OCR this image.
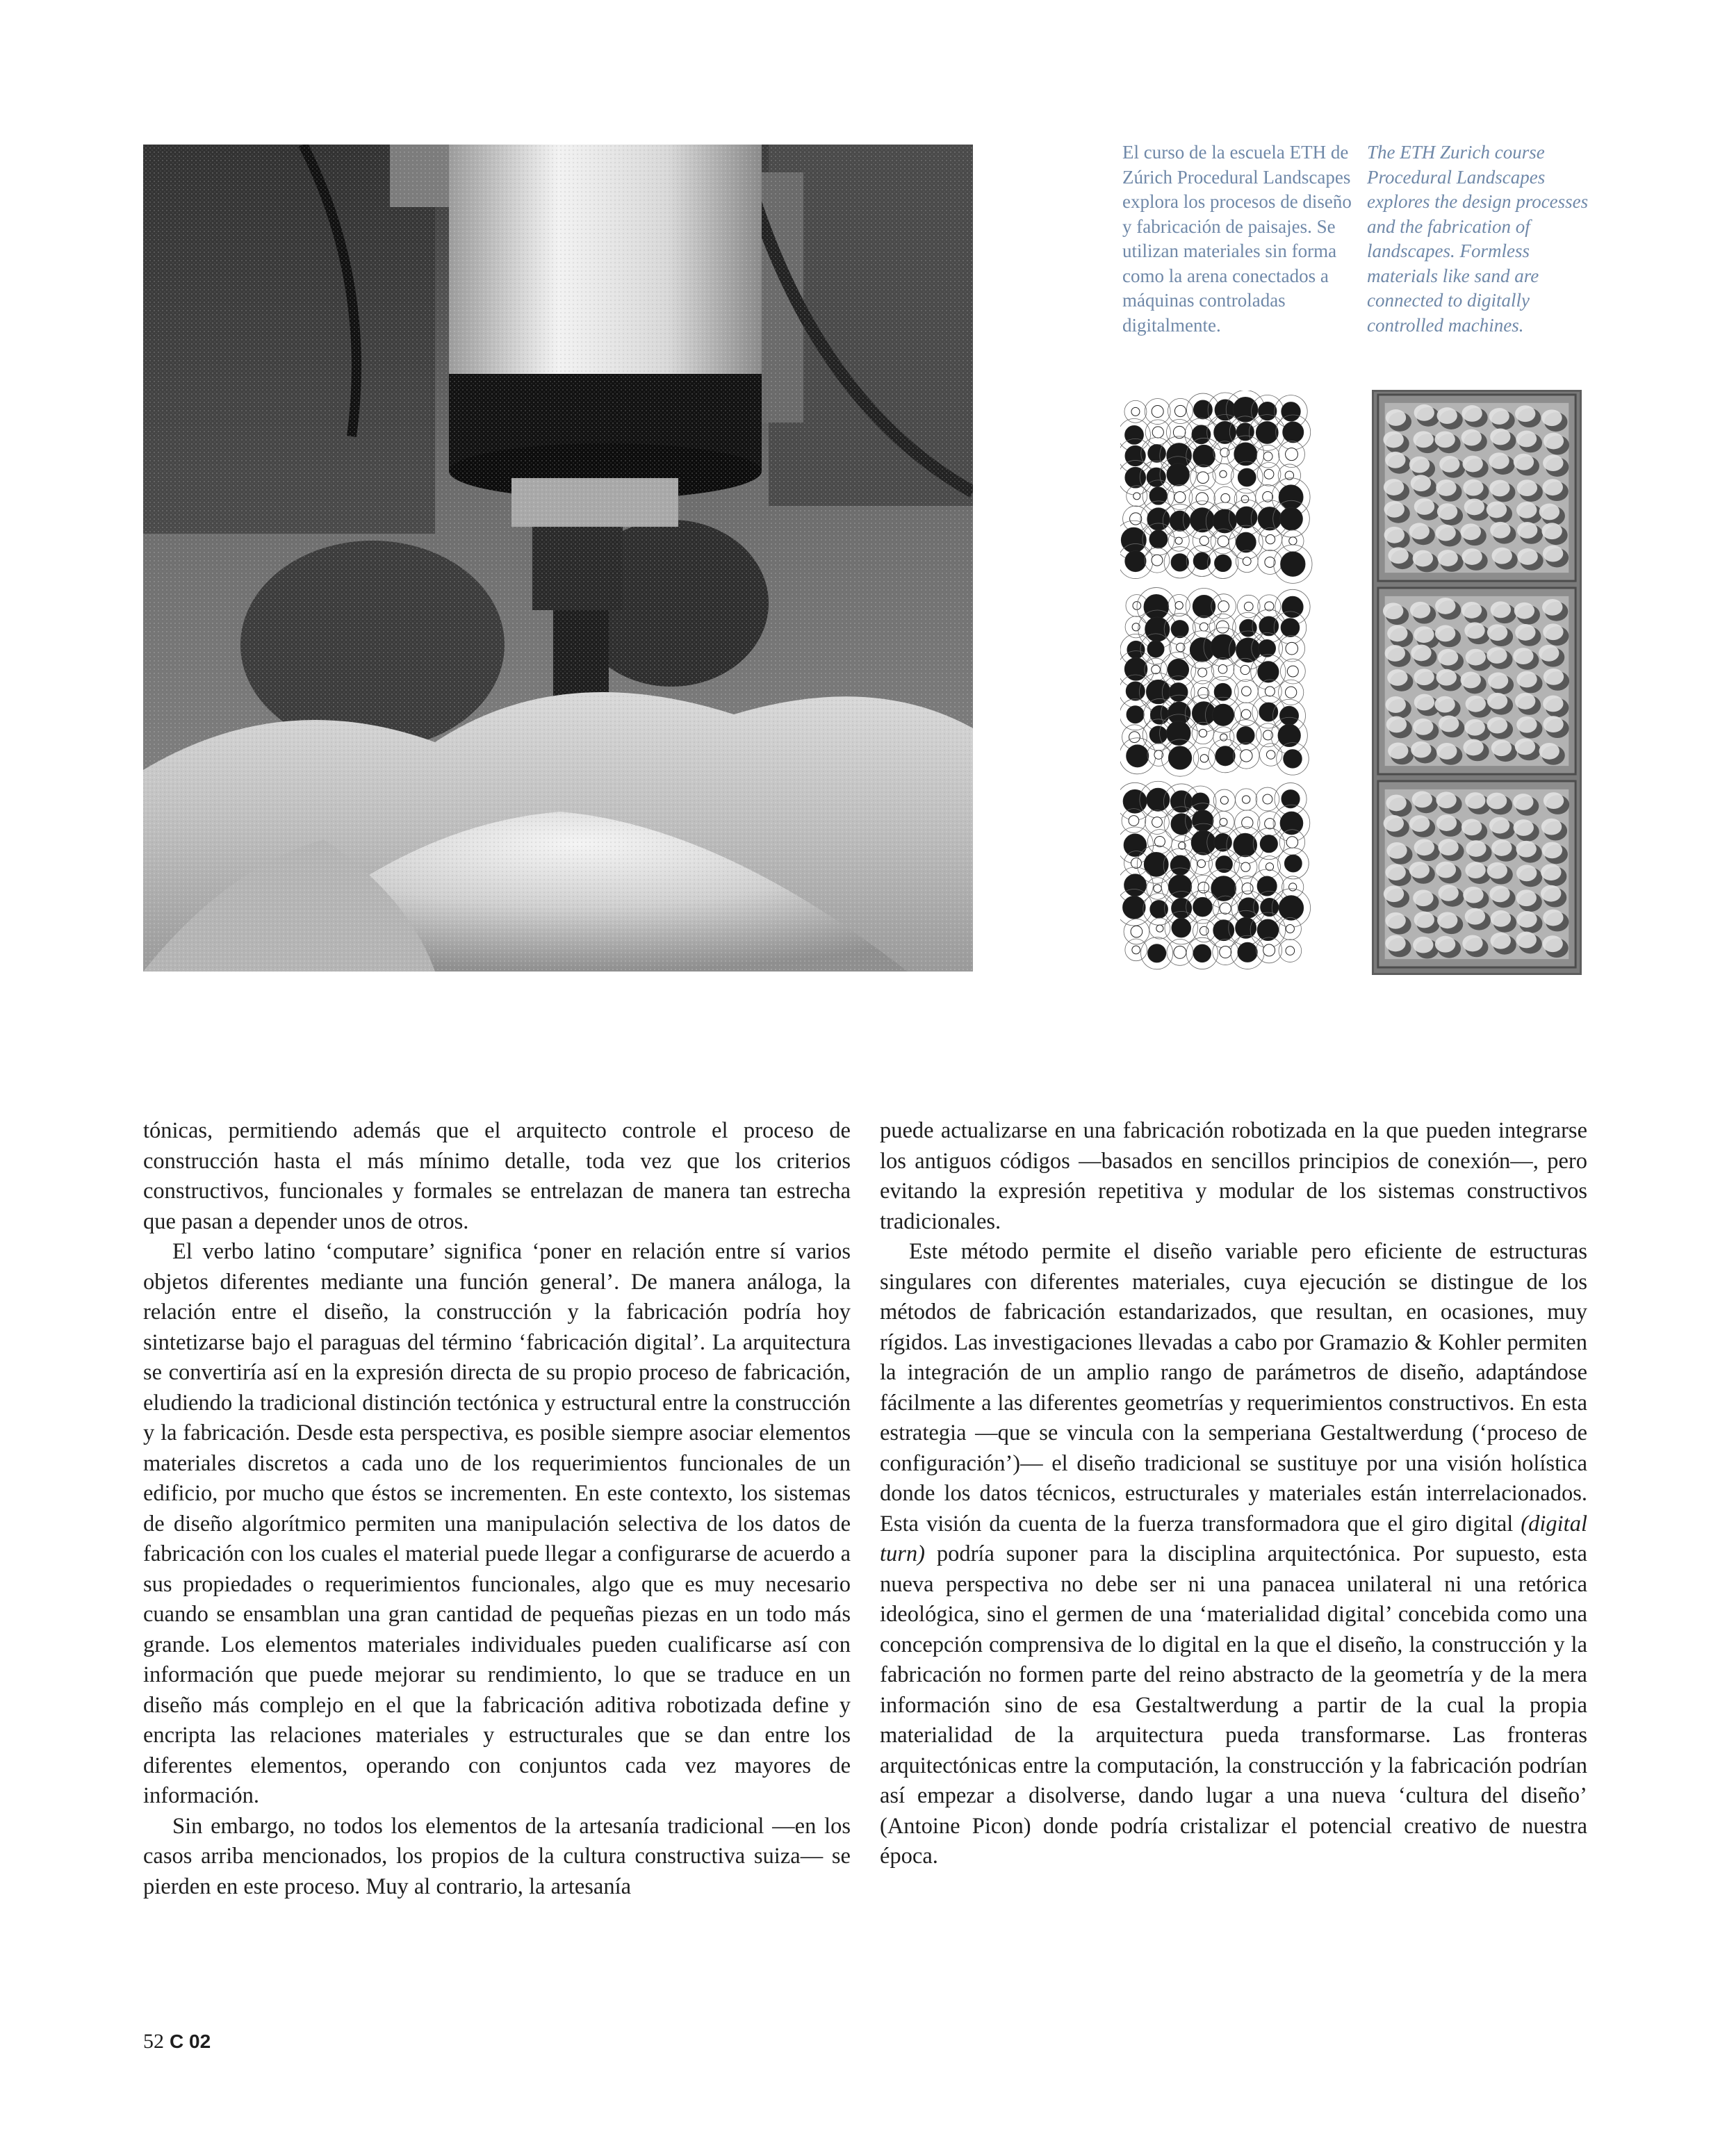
El curso de la escuela ETH de Zúrich Procedural Landscapes explora los procesos de diseño y fabricación de paisajes. Se utilizan materiales sin forma como la arena conectados a máquinas controladas digitalmente.

The ETH Zurich course Procedural Landscapes explores the design processes and the fabrication of landscapes. Formless materials like sand are connected to digitally controlled machines.

tónicas, permitiendo además que el arquitecto controle el proceso de construcción hasta el más mínimo detalle, toda vez que los criterios constructivos, funcionales y formales se entrelazan de manera tan estrecha que pasan a depender unos de otros.

El verbo latino ‘computare’ significa ‘poner en relación entre sí varios objetos diferentes mediante una función general’. De manera análoga, la relación entre el diseño, la construcción y la fabricación podría hoy sintetizarse bajo el paraguas del término ‘fabricación digital’. La arquitectura se convertiría así en la expresión directa de su propio proceso de fabricación, eludiendo la tradicional distinción tectónica y estructural entre la construcción y la fabricación. Desde esta perspectiva, es posible siempre asociar elementos materiales discretos a cada uno de los requerimientos funcionales de un edificio, por mucho que éstos se incrementen. En este contexto, los sistemas de diseño algorítmico permiten una manipulación selectiva de los datos de fabricación con los cuales el material puede llegar a configurarse de acuerdo a sus propiedades o requerimientos funcionales, algo que es muy necesario cuando se ensamblan una gran cantidad de pequeñas piezas en un todo más grande. Los elementos materiales individuales pueden cualificarse así con información que puede mejorar su rendimiento, lo que se traduce en un diseño más complejo en el que la fabricación aditiva robotizada define y encripta las relaciones materiales y estructurales que se dan entre los diferentes elementos, operando con conjuntos cada vez mayores de información.

Sin embargo, no todos los elementos de la artesanía tradicional —en los casos arriba mencionados, los propios de la cultura constructiva suiza— se pierden en este proceso. Muy al contrario, la artesanía

puede actualizarse en una fabricación robotizada en la que pueden integrarse los antiguos códigos —basados en sencillos principios de conexión—, pero evitando la expresión repetitiva y modular de los sistemas constructivos tradicionales.

Este método permite el diseño variable pero eficiente de estructuras singulares con diferentes materiales, cuya ejecución se distingue de los métodos de fabricación estandarizados, que resultan, en ocasiones, muy rígidos. Las investigaciones llevadas a cabo por Gramazio & Kohler permiten la integración de un amplio rango de parámetros de diseño, adaptándose fácilmente a las diferentes geometrías y requerimientos constructivos. En esta estrategia —que se vincula con la semperiana Gestaltwerdung (‘proceso de configuración’)— el diseño tradicional se sustituye por una visión holística donde los datos técnicos, estructurales y materiales están interrelacionados. Esta visión da cuenta de la fuerza transformadora que el giro digital (digital turn) podría suponer para la disciplina arquitectónica. Por supuesto, esta nueva perspectiva no debe ser ni una panacea unilateral ni una retórica ideológica, sino el germen de una ‘materialidad digital’ concebida como una concepción comprensiva de lo digital en la que el diseño, la construcción y la fabricación no formen parte del reino abstracto de la geometría y de la mera información sino de esa Gestaltwerdung a partir de la cual la propia materialidad de la arquitectura pueda transformarse. Las fronteras arquitectónicas entre la computación, la construcción y la fabricación podrían así empezar a disolverse, dando lugar a una nueva ‘cultura del diseño’ (Antoine Picon) donde podría cristalizar el potencial creativo de nuestra época.

52 C 02
